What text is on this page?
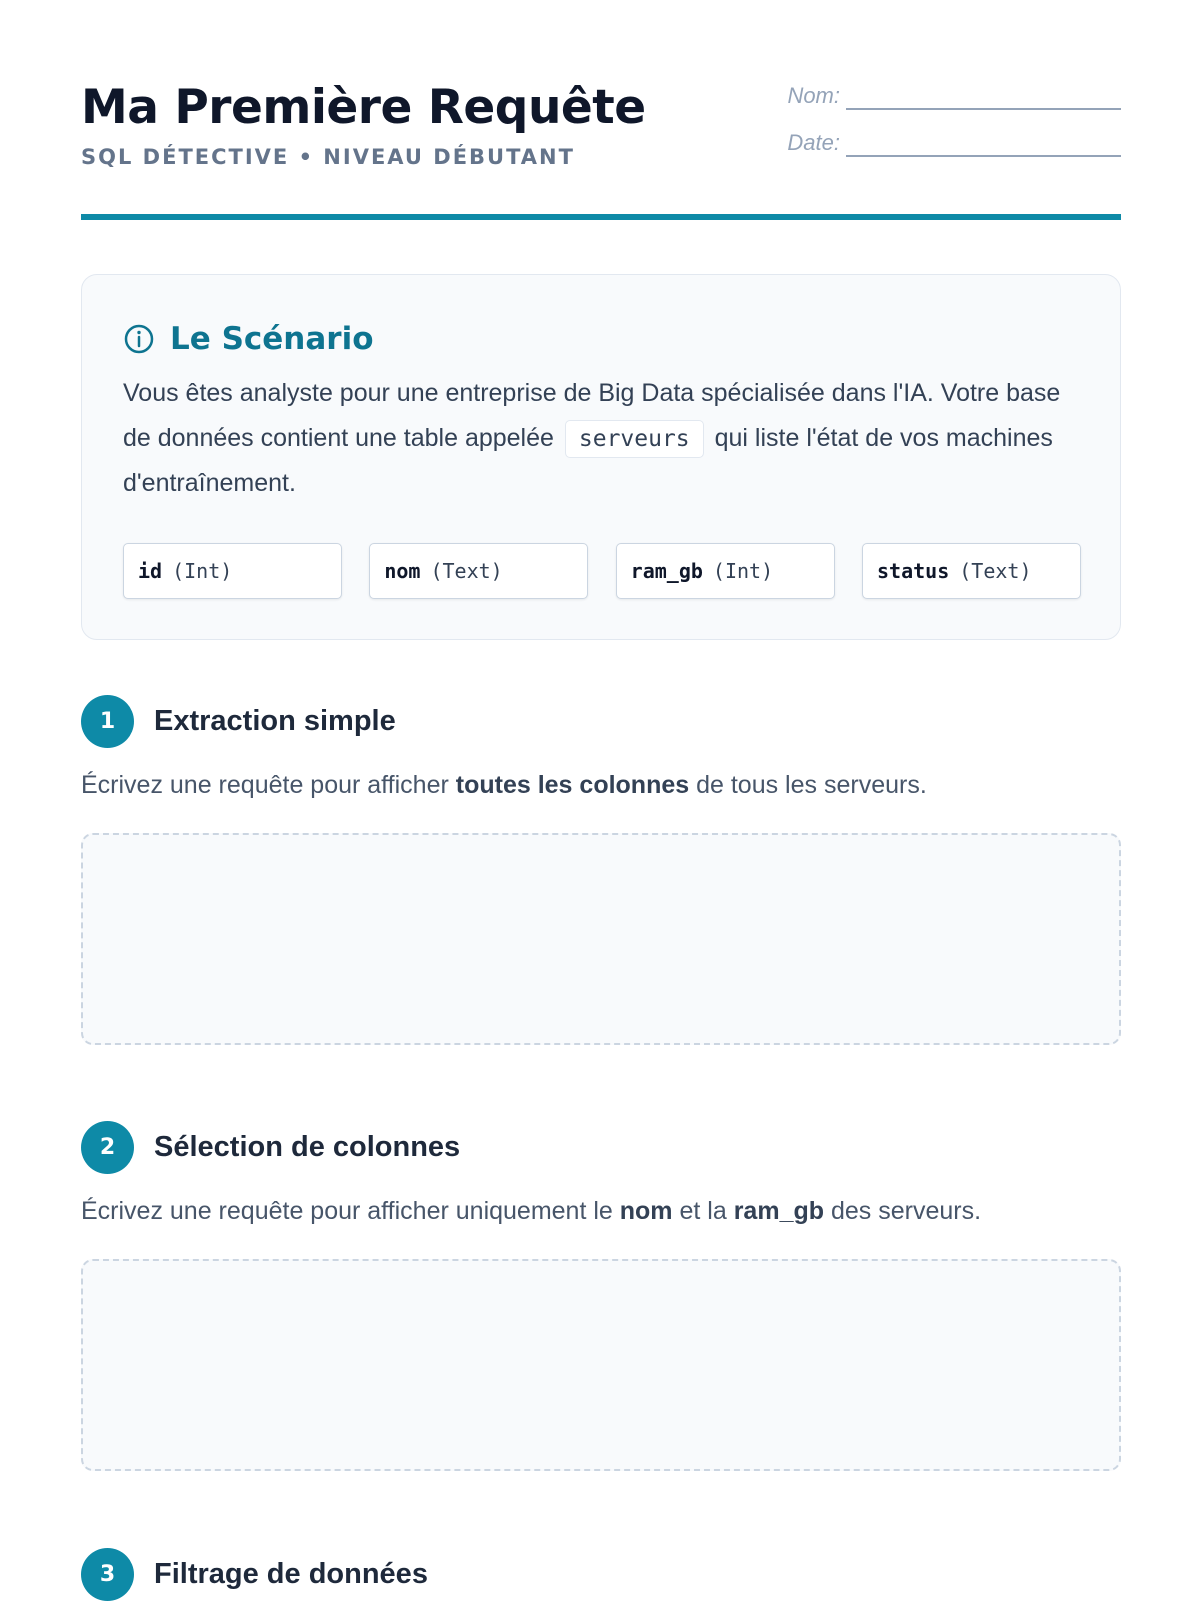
Ma Première Requête
SQL DÉTECTIVE • NIVEAU DÉBUTANT
Nom:
Date:
Le Scénario
Vous êtes analyste pour une entreprise de Big Data spécialisée dans l'IA. Votre base de données contient une table appelée serveurs qui liste l'état de vos machines d'entraînement.
id (Int)	nom (Text)	ram_gb (Int)	status (Text)
1	Extraction simple
Écrivez une requête pour afficher toutes les colonnes de tous les serveurs.
2	Sélection de colonnes
Écrivez une requête pour afficher uniquement le nom et la ram_gb des serveurs.
3	Filtrage de données
